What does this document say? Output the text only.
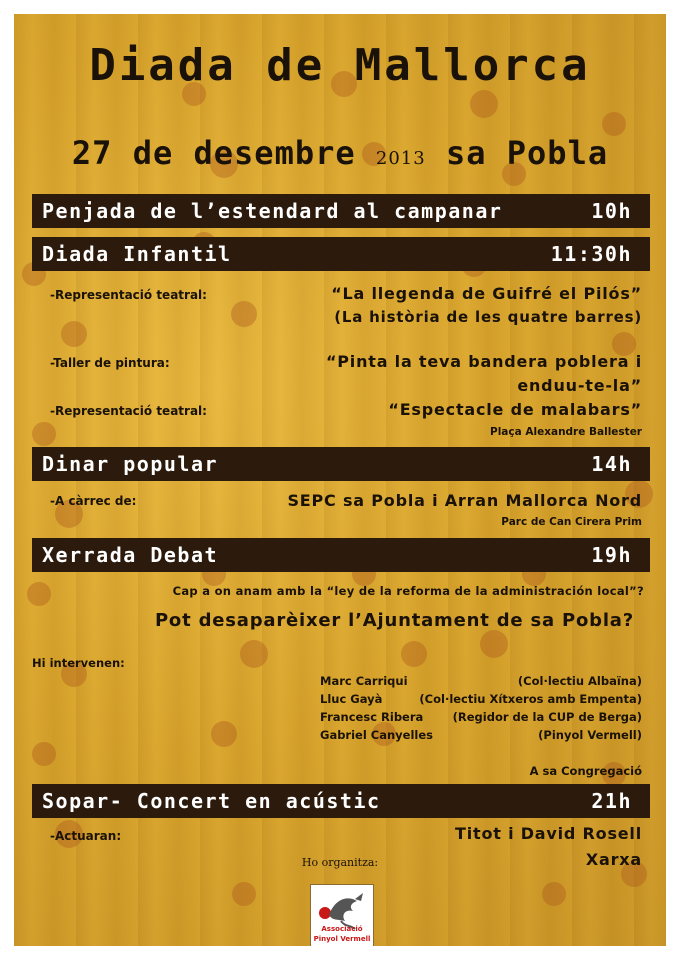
Diada de Mallorca
27 de desembre 2013 sa Pobla
Penjada de l’estendard al campanar	10h
Diada Infantil	11:30h
-Representació teatral:	“La llegenda de Guifré el Pilós”
(La història de les quatre barres)
-Taller de pintura:	“Pinta la teva bandera poblera i
enduu-te-la”
-Representació teatral:	“Espectacle de malabars”
Plaça Alexandre Ballester
Dinar popular	14h
-A càrrec de:	SEPC sa Pobla i Arran Mallorca Nord
Parc de Can Cirera Prim
Xerrada Debat	19h
Cap a on anam amb la “ley de la reforma de la administración local”?
Pot desaparèixer l’Ajuntament de sa Pobla?
Hi intervenen:
Marc Carriqui	(Col·lectiu Albaïna)
Lluc Gayà	(Col·lectiu Xítxeros amb Empenta)
Francesc Ribera	(Regidor de la CUP de Berga)
Gabriel Canyelles	(Pinyol Vermell)
A sa Congregació
Sopar- Concert en acústic	21h
-Actuaran:	Titot i David Rosell
Xarxa
Ho organitza:
Associació
Pinyol Vermell
